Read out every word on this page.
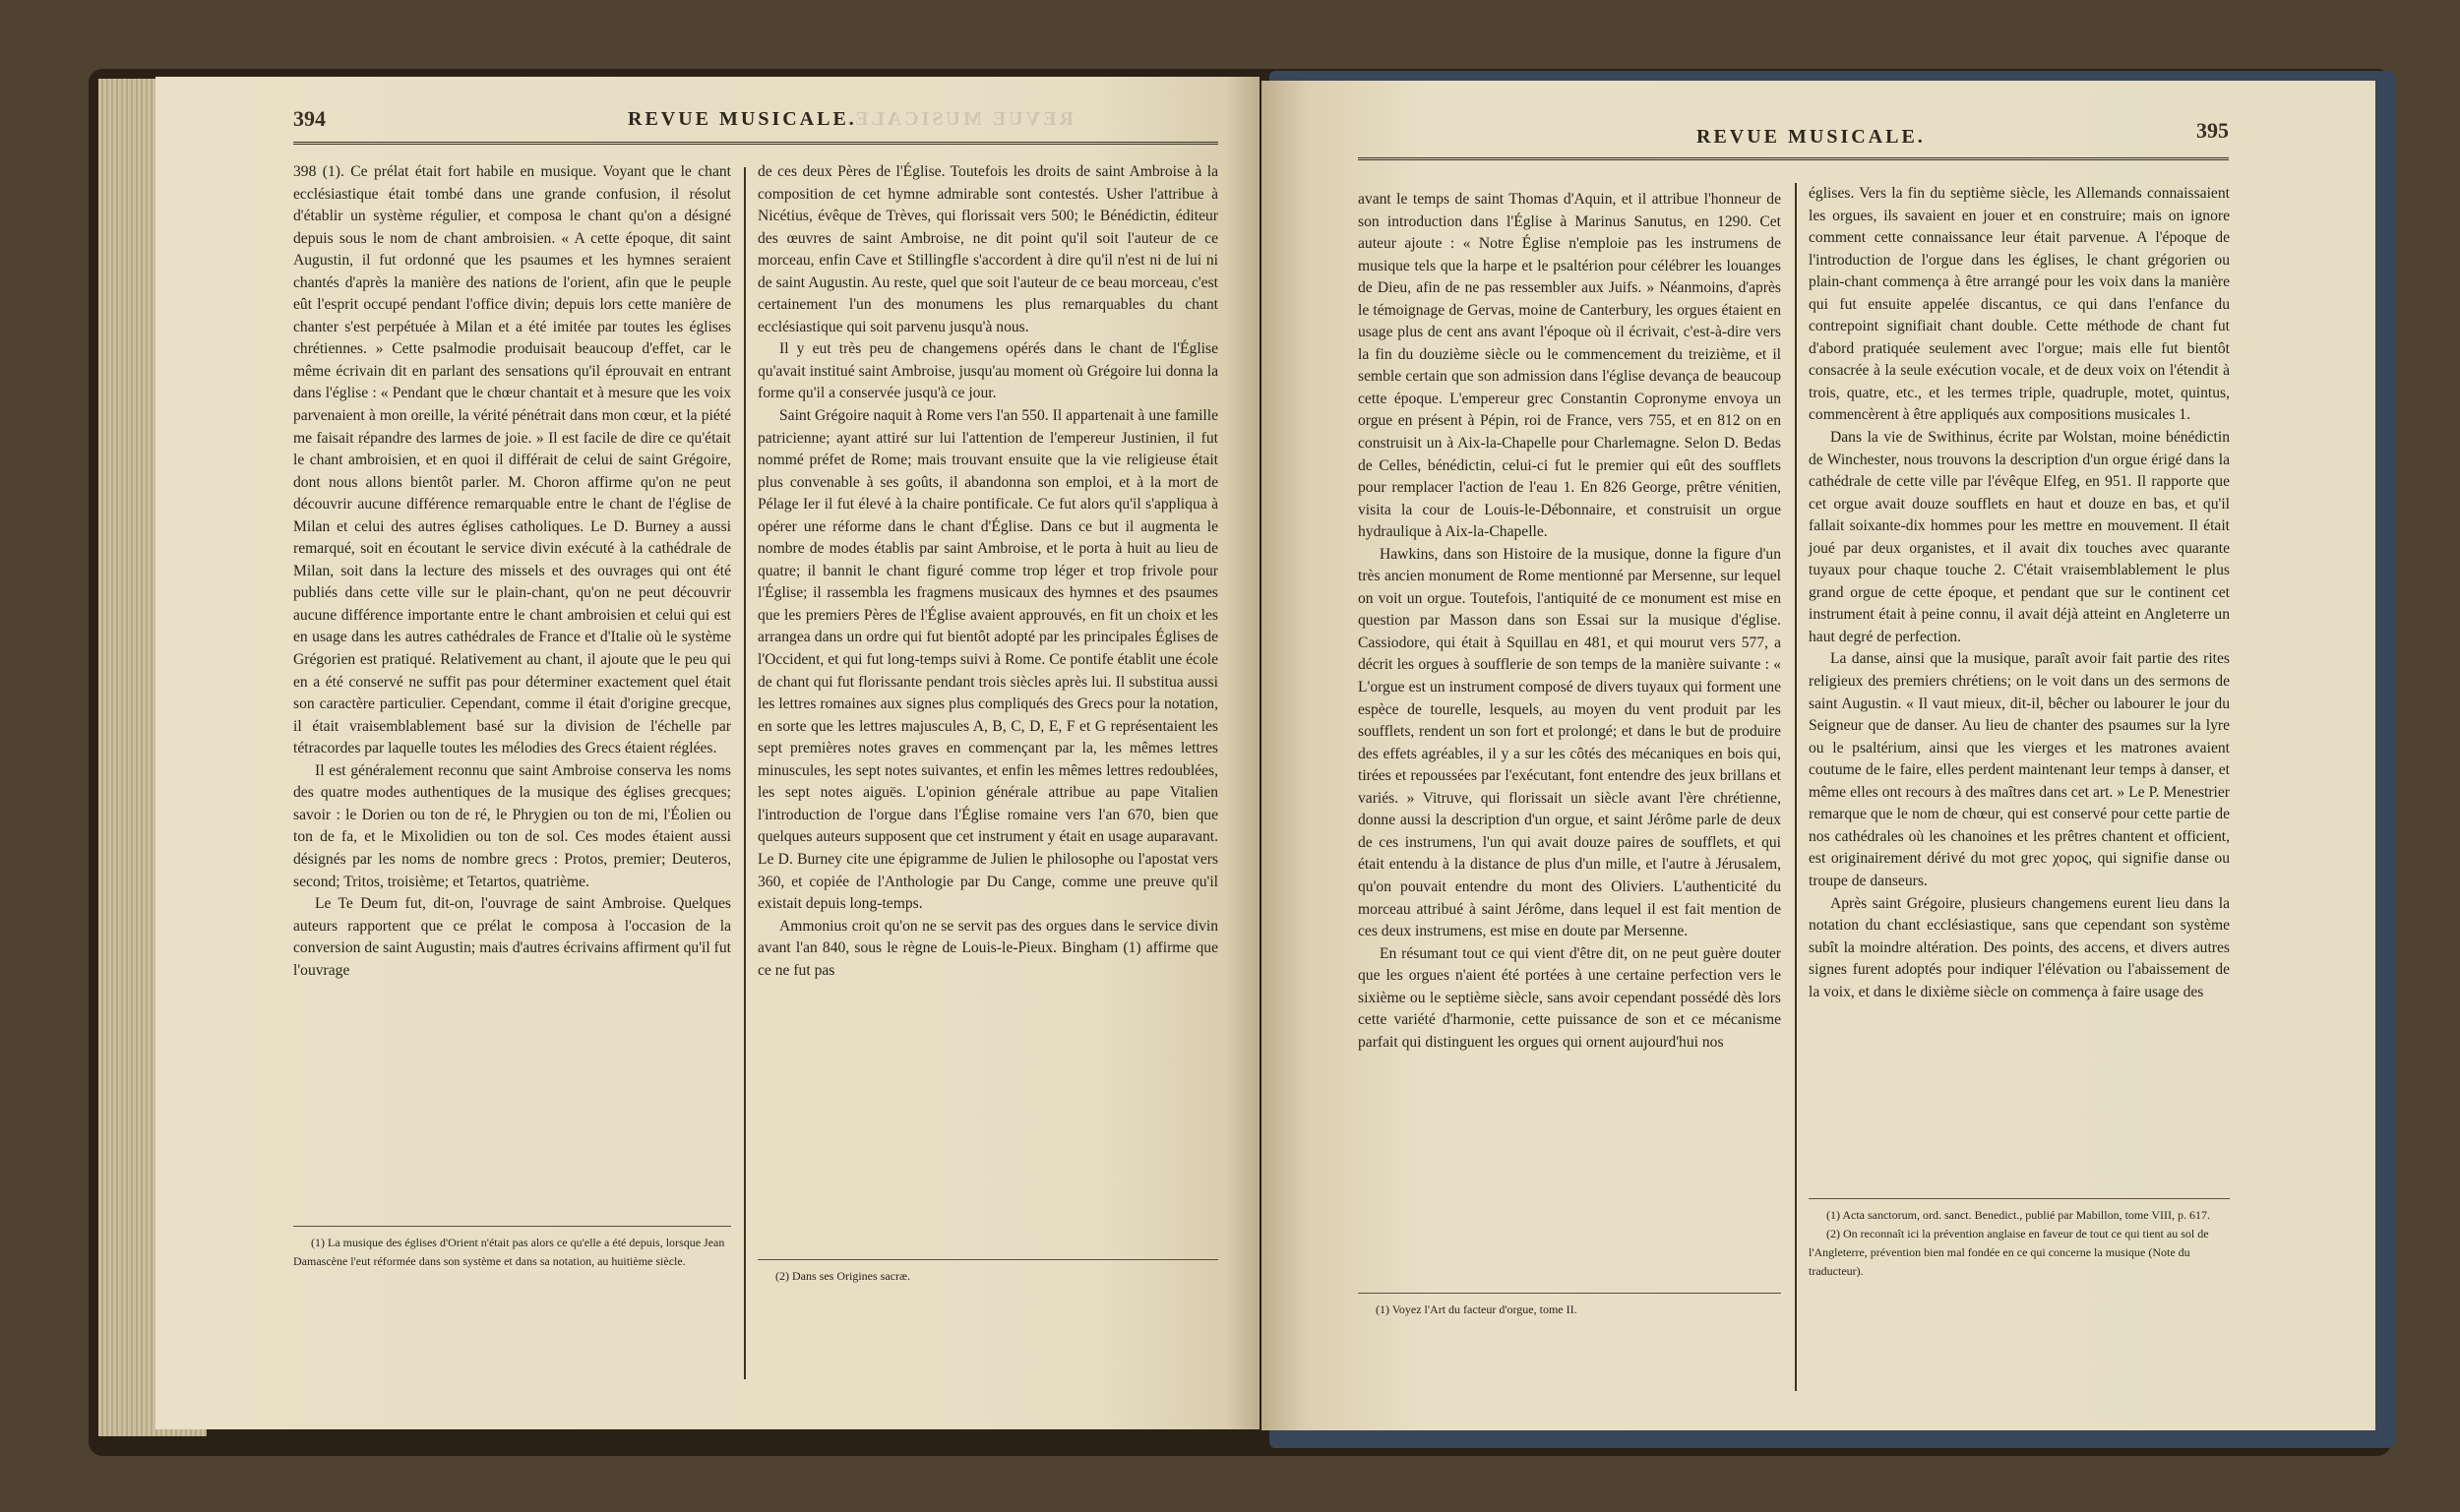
394	REVUE MUSICALE.
REVUE MUSICALE.

398 (1). Ce prélat était fort habile en musique. Voyant que le chant ecclésiastique était tombé dans une grande confusion, il résolut d'établir un système régulier, et composa le chant qu'on a désigné depuis sous le nom de chant ambroisien. « A cette époque, dit saint Augustin, il fut ordonné que les psaumes et les hymnes seraient chantés d'après la manière des nations de l'orient, afin que le peuple eût l'esprit occupé pendant l'office divin; depuis lors cette manière de chanter s'est perpétuée à Milan et a été imitée par toutes les églises chrétiennes. » Cette psalmodie produisait beaucoup d'effet, car le même écrivain dit en parlant des sensations qu'il éprouvait en entrant dans l'église : « Pendant que le chœur chantait et à mesure que les voix parvenaient à mon oreille, la vérité pénétrait dans mon cœur, et la piété me faisait répandre des larmes de joie. » Il est facile de dire ce qu'était le chant ambroisien, et en quoi il différait de celui de saint Grégoire, dont nous allons bientôt parler. M. Choron affirme qu'on ne peut découvrir aucune différence remarquable entre le chant de l'église de Milan et celui des autres églises catholiques. Le D. Burney a aussi remarqué, soit en écoutant le service divin exécuté à la cathédrale de Milan, soit dans la lecture des missels et des ouvrages qui ont été publiés dans cette ville sur le plain-chant, qu'on ne peut découvrir aucune différence importante entre le chant ambroisien et celui qui est en usage dans les autres cathédrales de France et d'Italie où le système Grégorien est pratiqué. Relativement au chant, il ajoute que le peu qui en a été conservé ne suffit pas pour déterminer exactement quel était son caractère particulier. Cependant, comme il était d'origine grecque, il était vraisemblablement basé sur la division de l'échelle par tétracordes par laquelle toutes les mélodies des Grecs étaient réglées.

Il est généralement reconnu que saint Ambroise conserva les noms des quatre modes authentiques de la musique des églises grecques; savoir : le Dorien ou ton de ré, le Phrygien ou ton de mi, l'Éolien ou ton de fa, et le Mixolidien ou ton de sol. Ces modes étaient aussi désignés par les noms de nombre grecs : Protos, premier; Deuteros, second; Tritos, troisième; et Tetartos, quatrième.

Le Te Deum fut, dit-on, l'ouvrage de saint Ambroise. Quelques auteurs rapportent que ce prélat le composa à l'occasion de la conversion de saint Augustin; mais d'autres écrivains affirment qu'il fut l'ouvrage

(1) La musique des églises d'Orient n'était pas alors ce qu'elle a été depuis, lorsque Jean Damascène l'eut réformée dans son système et dans sa notation, au huitième siècle.

de ces deux Pères de l'Église. Toutefois les droits de saint Ambroise à la composition de cet hymne admirable sont contestés. Usher l'attribue à Nicétius, évêque de Trèves, qui florissait vers 500; le Bénédictin, éditeur des œuvres de saint Ambroise, ne dit point qu'il soit l'auteur de ce morceau, enfin Cave et Stillingfle s'accordent à dire qu'il n'est ni de lui ni de saint Augustin. Au reste, quel que soit l'auteur de ce beau morceau, c'est certainement l'un des monumens les plus remarquables du chant ecclésiastique qui soit parvenu jusqu'à nous.

Il y eut très peu de changemens opérés dans le chant de l'Église qu'avait institué saint Ambroise, jusqu'au moment où Grégoire lui donna la forme qu'il a conservée jusqu'à ce jour.

Saint Grégoire naquit à Rome vers l'an 550. Il appartenait à une famille patricienne; ayant attiré sur lui l'attention de l'empereur Justinien, il fut nommé préfet de Rome; mais trouvant ensuite que la vie religieuse était plus convenable à ses goûts, il abandonna son emploi, et à la mort de Pélage Ier il fut élevé à la chaire pontificale. Ce fut alors qu'il s'appliqua à opérer une réforme dans le chant d'Église. Dans ce but il augmenta le nombre de modes établis par saint Ambroise, et le porta à huit au lieu de quatre; il bannit le chant figuré comme trop léger et trop frivole pour l'Église; il rassembla les fragmens musicaux des hymnes et des psaumes que les premiers Pères de l'Église avaient approuvés, en fit un choix et les arrangea dans un ordre qui fut bientôt adopté par les principales Églises de l'Occident, et qui fut long-temps suivi à Rome. Ce pontife établit une école de chant qui fut florissante pendant trois siècles après lui. Il substitua aussi les lettres romaines aux signes plus compliqués des Grecs pour la notation, en sorte que les lettres majuscules A, B, C, D, E, F et G représentaient les sept premières notes graves en commençant par la, les mêmes lettres minuscules, les sept notes suivantes, et enfin les mêmes lettres redoublées, les sept notes aiguës. L'opinion générale attribue au pape Vitalien l'introduction de l'orgue dans l'Église romaine vers l'an 670, bien que quelques auteurs supposent que cet instrument y était en usage auparavant. Le D. Burney cite une épigramme de Julien le philosophe ou l'apostat vers 360, et copiée de l'Anthologie par Du Cange, comme une preuve qu'il existait depuis long-temps.

Ammonius croit qu'on ne se servit pas des orgues dans le service divin avant l'an 840, sous le règne de Louis-le-Pieux. Bingham (1) affirme que ce ne fut pas

(2) Dans ses Origines sacræ.

REVUE MUSICALE.	395

avant le temps de saint Thomas d'Aquin, et il attribue l'honneur de son introduction dans l'Église à Marinus Sanutus, en 1290. Cet auteur ajoute : « Notre Église n'emploie pas les instrumens de musique tels que la harpe et le psaltérion pour célébrer les louanges de Dieu, afin de ne pas ressembler aux Juifs. » Néanmoins, d'après le témoignage de Gervas, moine de Canterbury, les orgues étaient en usage plus de cent ans avant l'époque où il écrivait, c'est-à-dire vers la fin du douzième siècle ou le commencement du treizième, et il semble certain que son admission dans l'église devança de beaucoup cette époque. L'empereur grec Constantin Copronyme envoya un orgue en présent à Pépin, roi de France, vers 755, et en 812 on en construisit un à Aix-la-Chapelle pour Charlemagne. Selon D. Bedas de Celles, bénédictin, celui-ci fut le premier qui eût des soufflets pour remplacer l'action de l'eau 1. En 826 George, prêtre vénitien, visita la cour de Louis-le-Débonnaire, et construisit un orgue hydraulique à Aix-la-Chapelle.

Hawkins, dans son Histoire de la musique, donne la figure d'un très ancien monument de Rome mentionné par Mersenne, sur lequel on voit un orgue. Toutefois, l'antiquité de ce monument est mise en question par Masson dans son Essai sur la musique d'église. Cassiodore, qui était à Squillau en 481, et qui mourut vers 577, a décrit les orgues à soufflerie de son temps de la manière suivante : « L'orgue est un instrument composé de divers tuyaux qui forment une espèce de tourelle, lesquels, au moyen du vent produit par les soufflets, rendent un son fort et prolongé; et dans le but de produire des effets agréables, il y a sur les côtés des mécaniques en bois qui, tirées et repoussées par l'exécutant, font entendre des jeux brillans et variés. » Vitruve, qui florissait un siècle avant l'ère chrétienne, donne aussi la description d'un orgue, et saint Jérôme parle de deux de ces instrumens, l'un qui avait douze paires de soufflets, et qui était entendu à la distance de plus d'un mille, et l'autre à Jérusalem, qu'on pouvait entendre du mont des Oliviers. L'authenticité du morceau attribué à saint Jérôme, dans lequel il est fait mention de ces deux instrumens, est mise en doute par Mersenne.

En résumant tout ce qui vient d'être dit, on ne peut guère douter que les orgues n'aient été portées à une certaine perfection vers le sixième ou le septième siècle, sans avoir cependant possédé dès lors cette variété d'harmonie, cette puissance de son et ce mécanisme parfait qui distinguent les orgues qui ornent aujourd'hui nos

(1) Voyez l'Art du facteur d'orgue, tome II.

églises. Vers la fin du septième siècle, les Allemands connaissaient les orgues, ils savaient en jouer et en construire; mais on ignore comment cette connaissance leur était parvenue. A l'époque de l'introduction de l'orgue dans les églises, le chant grégorien ou plain-chant commença à être arrangé pour les voix dans la manière qui fut ensuite appelée discantus, ce qui dans l'enfance du contrepoint signifiait chant double. Cette méthode de chant fut d'abord pratiquée seulement avec l'orgue; mais elle fut bientôt consacrée à la seule exécution vocale, et de deux voix on l'étendit à trois, quatre, etc., et les termes triple, quadruple, motet, quintus, commencèrent à être appliqués aux compositions musicales 1.

Dans la vie de Swithinus, écrite par Wolstan, moine bénédictin de Winchester, nous trouvons la description d'un orgue érigé dans la cathédrale de cette ville par l'évêque Elfeg, en 951. Il rapporte que cet orgue avait douze soufflets en haut et douze en bas, et qu'il fallait soixante-dix hommes pour les mettre en mouvement. Il était joué par deux organistes, et il avait dix touches avec quarante tuyaux pour chaque touche 2. C'était vraisemblablement le plus grand orgue de cette époque, et pendant que sur le continent cet instrument était à peine connu, il avait déjà atteint en Angleterre un haut degré de perfection.

La danse, ainsi que la musique, paraît avoir fait partie des rites religieux des premiers chrétiens; on le voit dans un des sermons de saint Augustin. « Il vaut mieux, dit-il, bêcher ou labourer le jour du Seigneur que de danser. Au lieu de chanter des psaumes sur la lyre ou le psaltérium, ainsi que les vierges et les matrones avaient coutume de le faire, elles perdent maintenant leur temps à danser, et même elles ont recours à des maîtres dans cet art. » Le P. Menestrier remarque que le nom de chœur, qui est conservé pour cette partie de nos cathédrales où les chanoines et les prêtres chantent et officient, est originairement dérivé du mot grec χορος, qui signifie danse ou troupe de danseurs.

Après saint Grégoire, plusieurs changemens eurent lieu dans la notation du chant ecclésiastique, sans que cependant son système subît la moindre altération. Des points, des accens, et divers autres signes furent adoptés pour indiquer l'élévation ou l'abaissement de la voix, et dans le dixième siècle on commença à faire usage des

(1) Acta sanctorum, ord. sanct. Benedict., publié par Mabillon, tome VIII, p. 617.

(2) On reconnaît ici la prévention anglaise en faveur de tout ce qui tient au sol de l'Angleterre, prévention bien mal fondée en ce qui concerne la musique (Note du traducteur).
